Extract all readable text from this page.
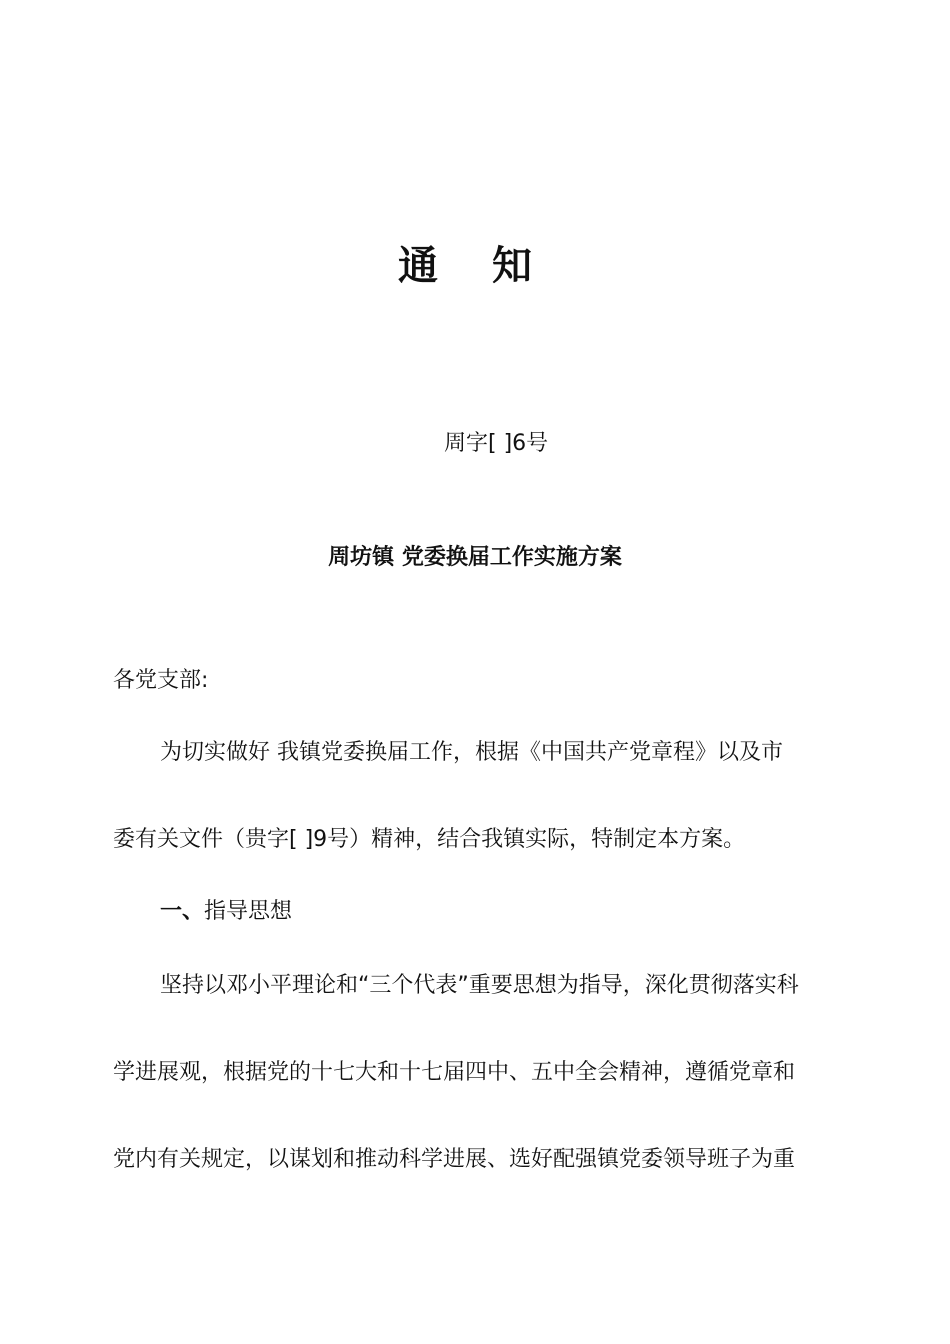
通 知
周字[ ]6号
周坊镇 党委换届工作实施方案
各党支部:
为切实做好 我镇党委换届工作，根据《中国共产党章程》以及市
委有关文件（贵字[ ]9号）精神，结合我镇实际，特制定本方案。
一、指导思想
坚持以邓小平理论和“三个代表”重要思想为指导，深化贯彻落实科
学进展观，根据党的十七大和十七届四中、五中全会精神，遵循党章和
党内有关规定，以谋划和推动科学进展、选好配强镇党委领导班子为重
